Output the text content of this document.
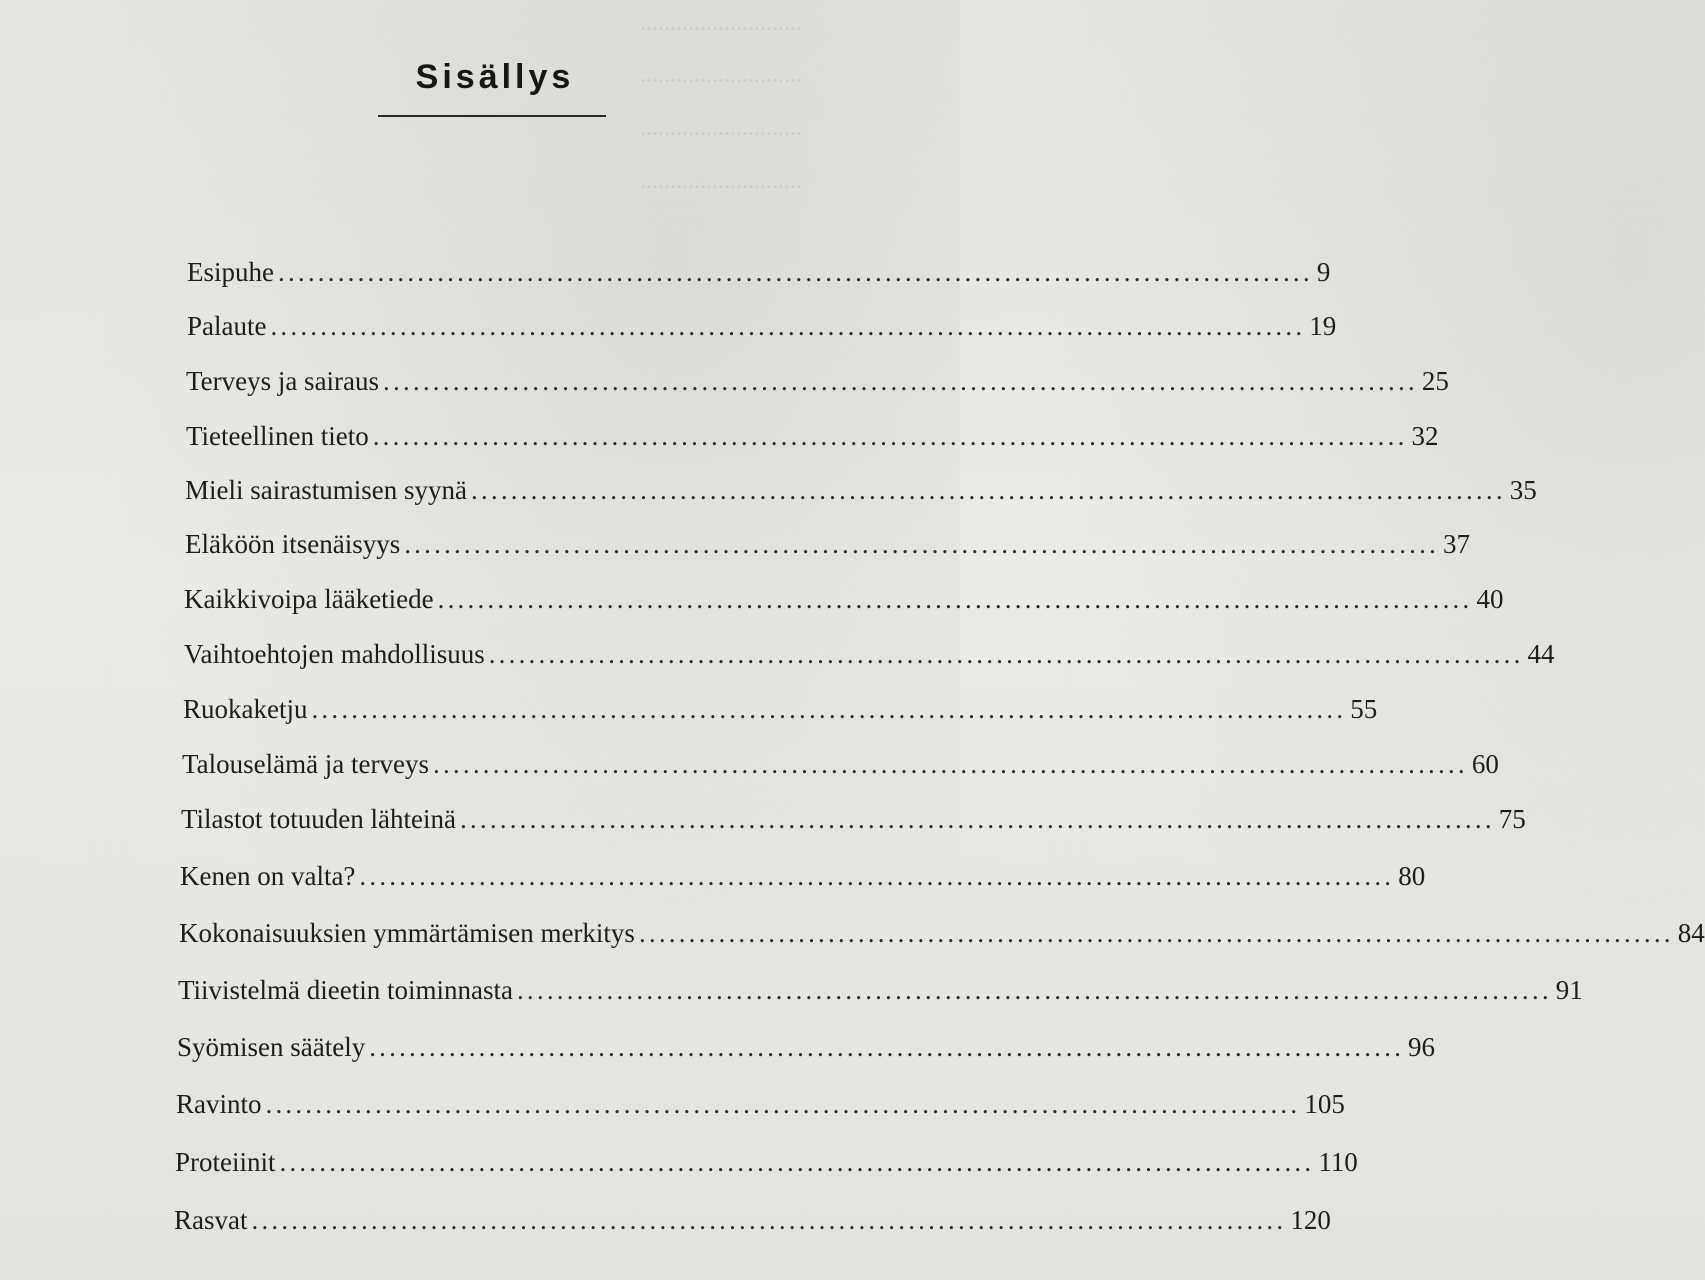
...........................
...........................
...........................
...........................
Sisällys
Esipuhe ........................................................................................................ 9
Palaute ........................................................................................................ 19
Terveys ja sairaus ........................................................................................................ 25
Tieteellinen tieto ........................................................................................................ 32
Mieli sairastumisen syynä ........................................................................................................ 35
Eläköön itsenäisyys ........................................................................................................ 37
Kaikkivoipa lääketiede ........................................................................................................ 40
Vaihtoehtojen mahdollisuus ........................................................................................................ 44
Ruokaketju ........................................................................................................ 55
Talouselämä ja terveys ........................................................................................................ 60
Tilastot totuuden lähteinä ........................................................................................................ 75
Kenen on valta? ........................................................................................................ 80
Kokonaisuuksien ymmärtämisen merkitys ........................................................................................................ 84
Tiivistelmä dieetin toiminnasta ........................................................................................................ 91
Syömisen säätely ........................................................................................................ 96
Ravinto ........................................................................................................ 105
Proteiinit ........................................................................................................ 110
Rasvat ........................................................................................................ 120
